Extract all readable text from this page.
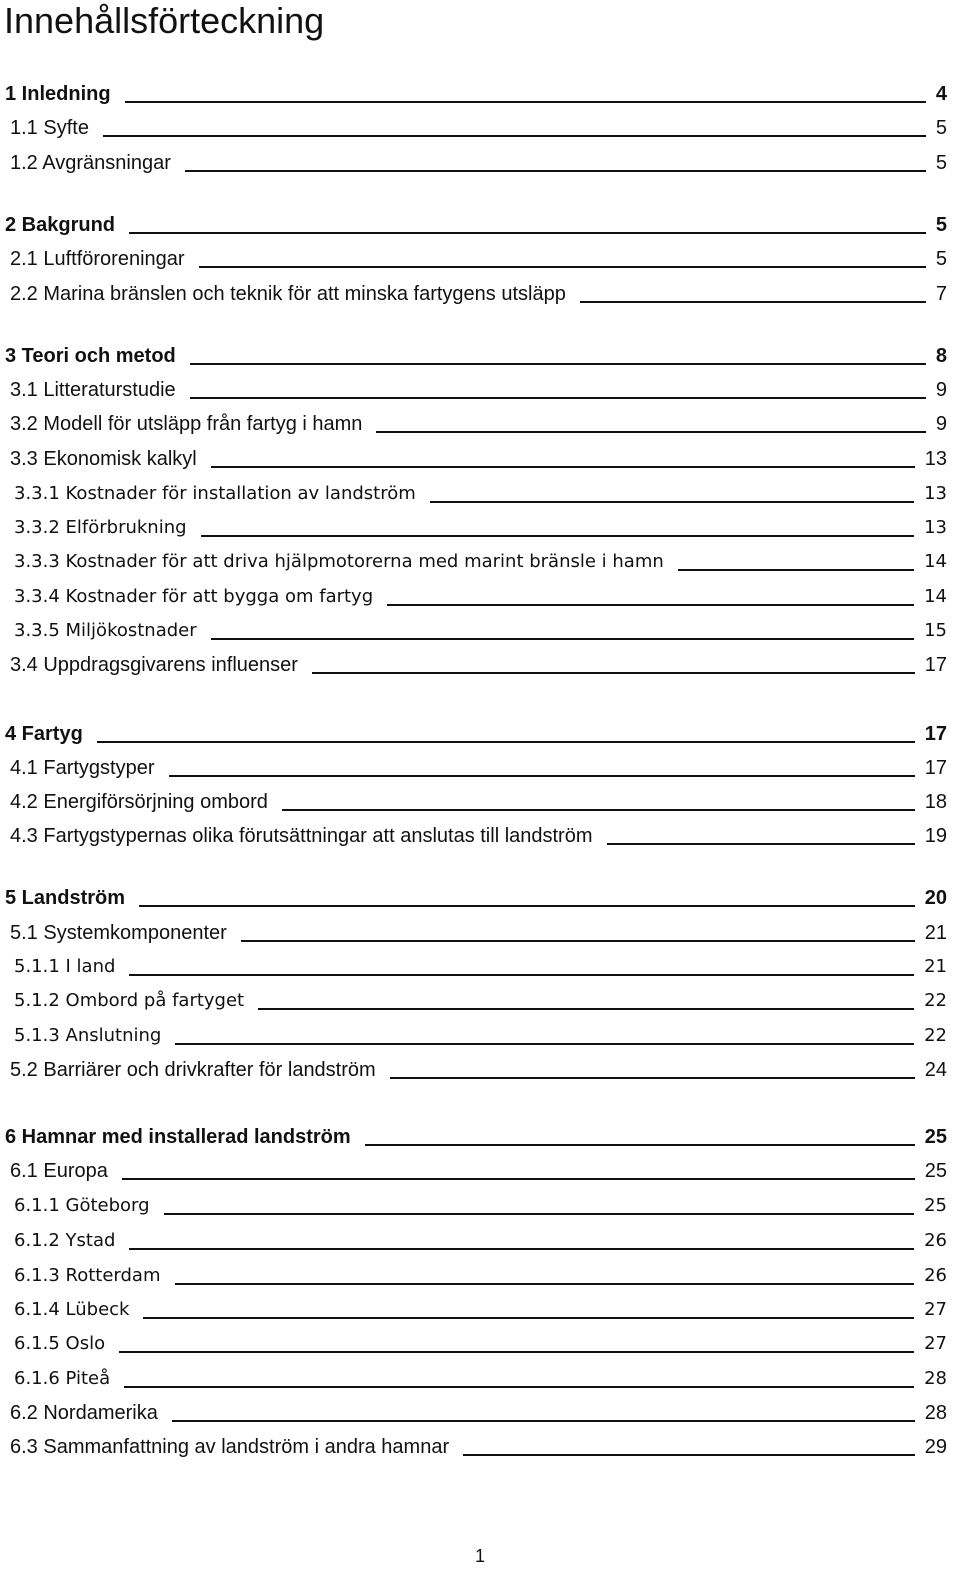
Innehållsförteckning
1 Inledning	4
1.1 Syfte	5
1.2 Avgränsningar	5
2 Bakgrund	5
2.1 Luftföroreningar	5
2.2 Marina bränslen och teknik för att minska fartygens utsläpp	7
3 Teori och metod	8
3.1 Litteraturstudie	9
3.2 Modell för utsläpp från fartyg i hamn	9
3.3 Ekonomisk kalkyl	13
3.3.1 Kostnader för installation av landström	13
3.3.2 Elförbrukning	13
3.3.3 Kostnader för att driva hjälpmotorerna med marint bränsle i hamn	14
3.3.4 Kostnader för att bygga om fartyg	14
3.3.5 Miljökostnader	15
3.4 Uppdragsgivarens influenser	17
4 Fartyg	17
4.1 Fartygstyper	17
4.2 Energiförsörjning ombord	18
4.3 Fartygstypernas olika förutsättningar att anslutas till landström	19
5 Landström	20
5.1 Systemkomponenter	21
5.1.1 I land	21
5.1.2 Ombord på fartyget	22
5.1.3 Anslutning	22
5.2 Barriärer och drivkrafter för landström	24
6 Hamnar med installerad landström	25
6.1 Europa	25
6.1.1 Göteborg	25
6.1.2 Ystad	26
6.1.3 Rotterdam	26
6.1.4 Lübeck	27
6.1.5 Oslo	27
6.1.6 Piteå	28
6.2 Nordamerika	28
6.3 Sammanfattning av landström i andra hamnar	29
1
